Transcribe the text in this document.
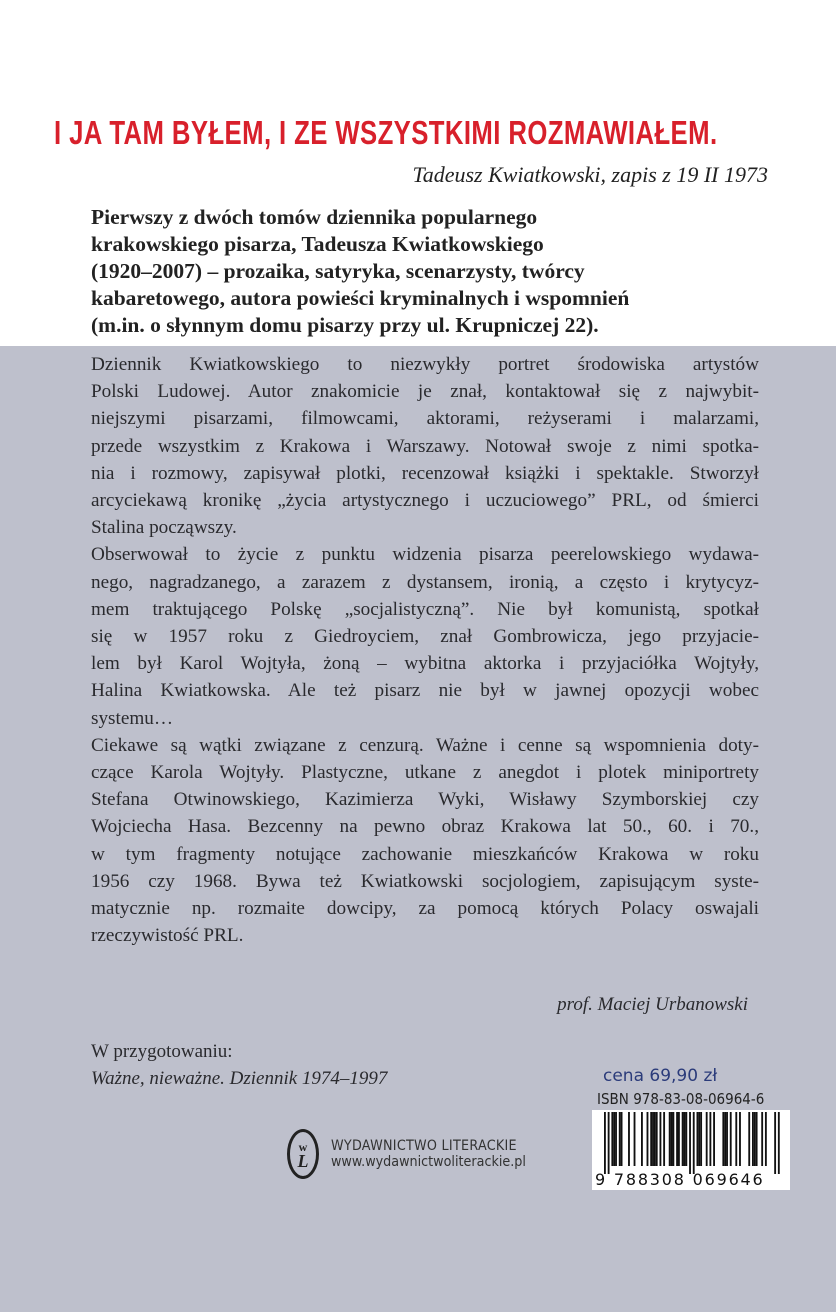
I JA TAM BYŁEM, I ZE WSZYSTKIMI ROZMAWIAŁEM.
Tadeusz Kwiatkowski, zapis z 19 II 1973

Pierwszy z dwóch tomów dziennika popularnego
krakowskiego pisarza, Tadeusza Kwiatkowskiego
(1920–2007) – prozaika, satyryka, scenarzysty, twórcy
kabaretowego, autora powieści kryminalnych i wspomnień
(m.in. o słynnym domu pisarzy przy ul. Krupniczej 22).

Dziennik Kwiatkowskiego to niezwykły portret środowiska artystów
Polski Ludowej. Autor znakomicie je znał, kontaktował się z najwybit-
niejszymi pisarzami, filmowcami, aktorami, reżyserami i malarzami,
przede wszystkim z Krakowa i Warszawy. Notował swoje z nimi spotka-
nia i rozmowy, zapisywał plotki, recenzował książki i spektakle. Stworzył
arcyciekawą kronikę „życia artystycznego i uczuciowego” PRL, od śmierci
Stalina począwszy.
Obserwował to życie z punktu widzenia pisarza peerelowskiego wydawa-
nego, nagradzanego, a zarazem z dystansem, ironią, a często i krytycyz-
mem traktującego Polskę „socjalistyczną”. Nie był komunistą, spotkał
się w 1957 roku z Giedroyciem, znał Gombrowicza, jego przyjacie-
lem był Karol Wojtyła, żoną – wybitna aktorka i przyjaciółka Wojtyły,
Halina Kwiatkowska. Ale też pisarz nie był w jawnej opozycji wobec
systemu…
Ciekawe są wątki związane z cenzurą. Ważne i cenne są wspomnienia doty-
czące Karola Wojtyły. Plastyczne, utkane z anegdot i plotek miniportrety
Stefana Otwinowskiego, Kazimierza Wyki, Wisławy Szymborskiej czy
Wojciecha Hasa. Bezcenny na pewno obraz Krakowa lat 50., 60. i 70.,
w tym fragmenty notujące zachowanie mieszkańców Krakowa w roku
1956 czy 1968. Bywa też Kwiatkowski socjologiem, zapisującym syste-
matycznie np. rozmaite dowcipy, za pomocą których Polacy oswajali
rzeczywistość PRL.

prof. Maciej Urbanowski
W przygotowaniu:
Ważne, nieważne. Dziennik 1974–1997
w
L
WYDAWNICTWO LITERACKIE
www.wydawnictwoliterackie.pl
cena 69,90 zł
ISBN 978-83-08-06964-6
9 788308 069646
